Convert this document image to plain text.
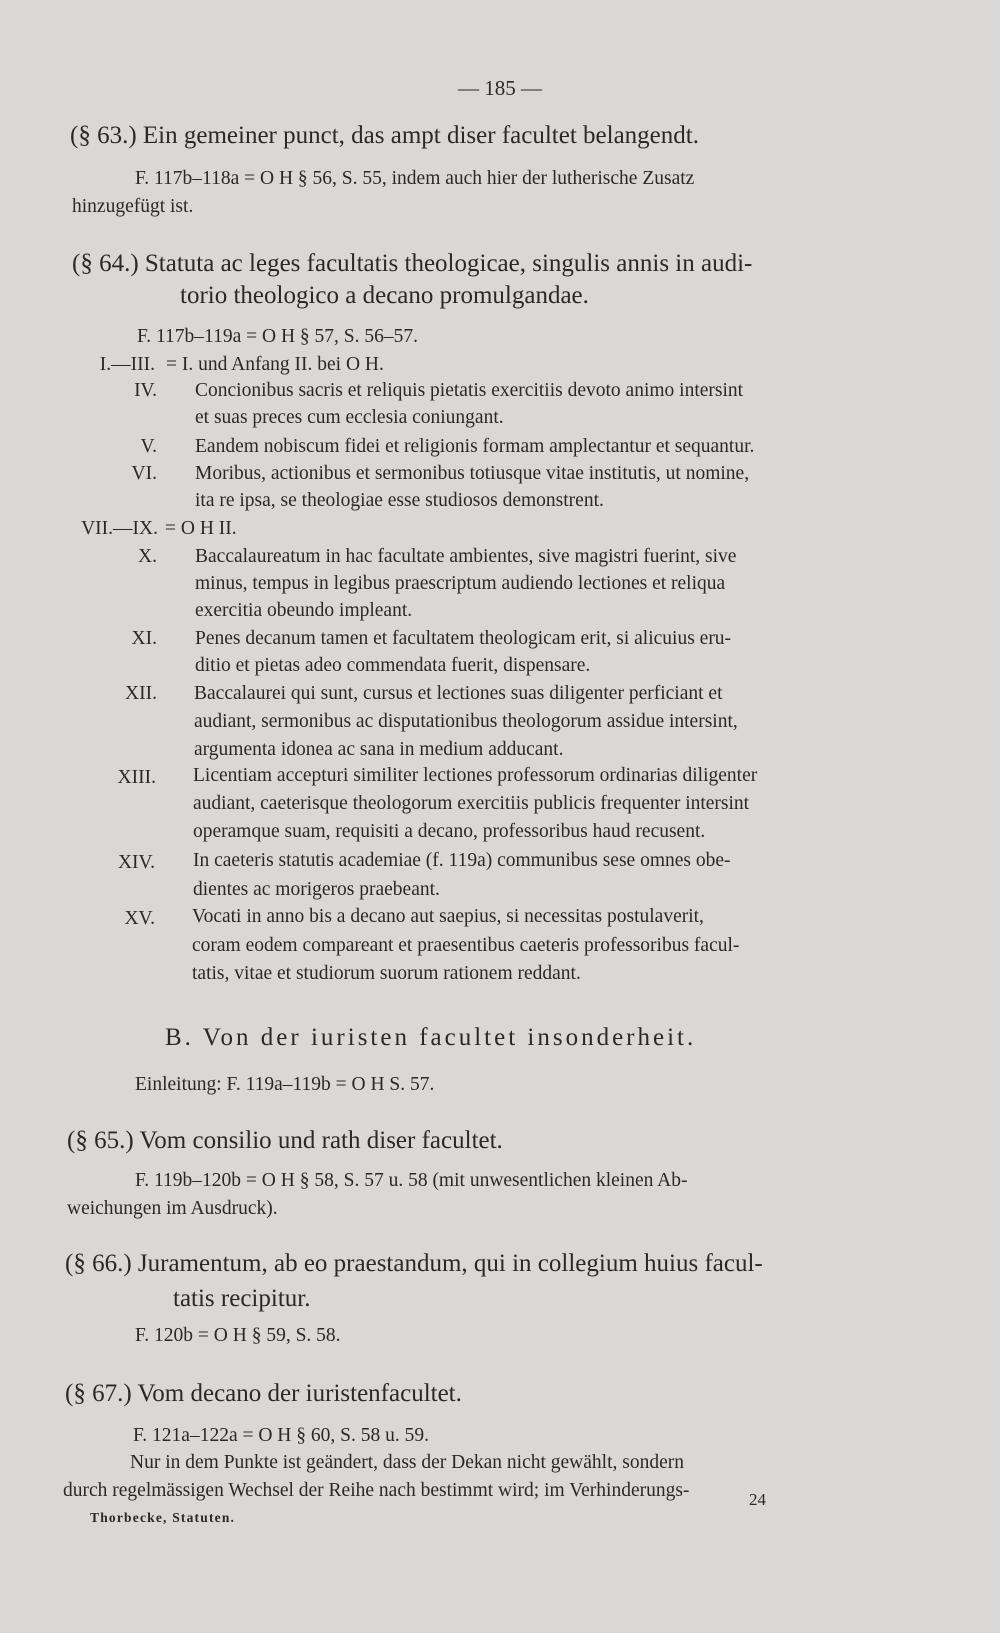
— 185 —
(§ 63.) Ein gemeiner punct, das ampt diser facultet belangendt.
F. 117b–118a = O H § 56, S. 55, indem auch hier der lutherische Zusatz
hinzugefügt ist.
(§ 64.) Statuta ac leges facultatis theologicae, singulis annis in audi-
torio theologico a decano promulgandae.
F. 117b–119a = O H § 57, S. 56–57.
I.—III. = I. und Anfang II. bei O H.
IV. Concionibus sacris et reliquis pietatis exercitiis devoto animo intersint
et suas preces cum ecclesia coniungant.
V. Eandem nobiscum fidei et religionis formam amplectantur et sequantur.
VI. Moribus, actionibus et sermonibus totiusque vitae institutis, ut nomine,
ita re ipsa, se theologiae esse studiosos demonstrent.
VII.—IX. = O H II.
X. Baccalaureatum in hac facultate ambientes, sive magistri fuerint, sive
minus, tempus in legibus praescriptum audiendo lectiones et reliqua
exercitia obeundo impleant.
XI. Penes decanum tamen et facultatem theologicam erit, si alicuius eru-
ditio et pietas adeo commendata fuerit, dispensare.
XII. Baccalaurei qui sunt, cursus et lectiones suas diligenter perficiant et
audiant, sermonibus ac disputationibus theologorum assidue intersint,
argumenta idonea ac sana in medium adducant.
XIII. Licentiam accepturi similiter lectiones professorum ordinarias diligenter
audiant, caeterisque theologorum exercitiis publicis frequenter intersint
operamque suam, requisiti a decano, professoribus haud recusent.
XIV. In caeteris statutis academiae (f. 119a) communibus sese omnes obe-
dientes ac morigeros praebeant.
XV. Vocati in anno bis a decano aut saepius, si necessitas postulaverit,
coram eodem compareant et praesentibus caeteris professoribus facul-
tatis, vitae et studiorum suorum rationem reddant.
B. Von der iuristen facultet insonderheit.
Einleitung: F. 119a–119b = O H S. 57.
(§ 65.) Vom consilio und rath diser facultet.
F. 119b–120b = O H § 58, S. 57 u. 58 (mit unwesentlichen kleinen Ab-
weichungen im Ausdruck).
(§ 66.) Juramentum, ab eo praestandum, qui in collegium huius facul-
tatis recipitur.
F. 120b = O H § 59, S. 58.
(§ 67.) Vom decano der iuristenfacultet.
F. 121a–122a = O H § 60, S. 58 u. 59.
Nur in dem Punkte ist geändert, dass der Dekan nicht gewählt, sondern
durch regelmässigen Wechsel der Reihe nach bestimmt wird; im Verhinderungs-
Thorbecke, Statuten.
24
